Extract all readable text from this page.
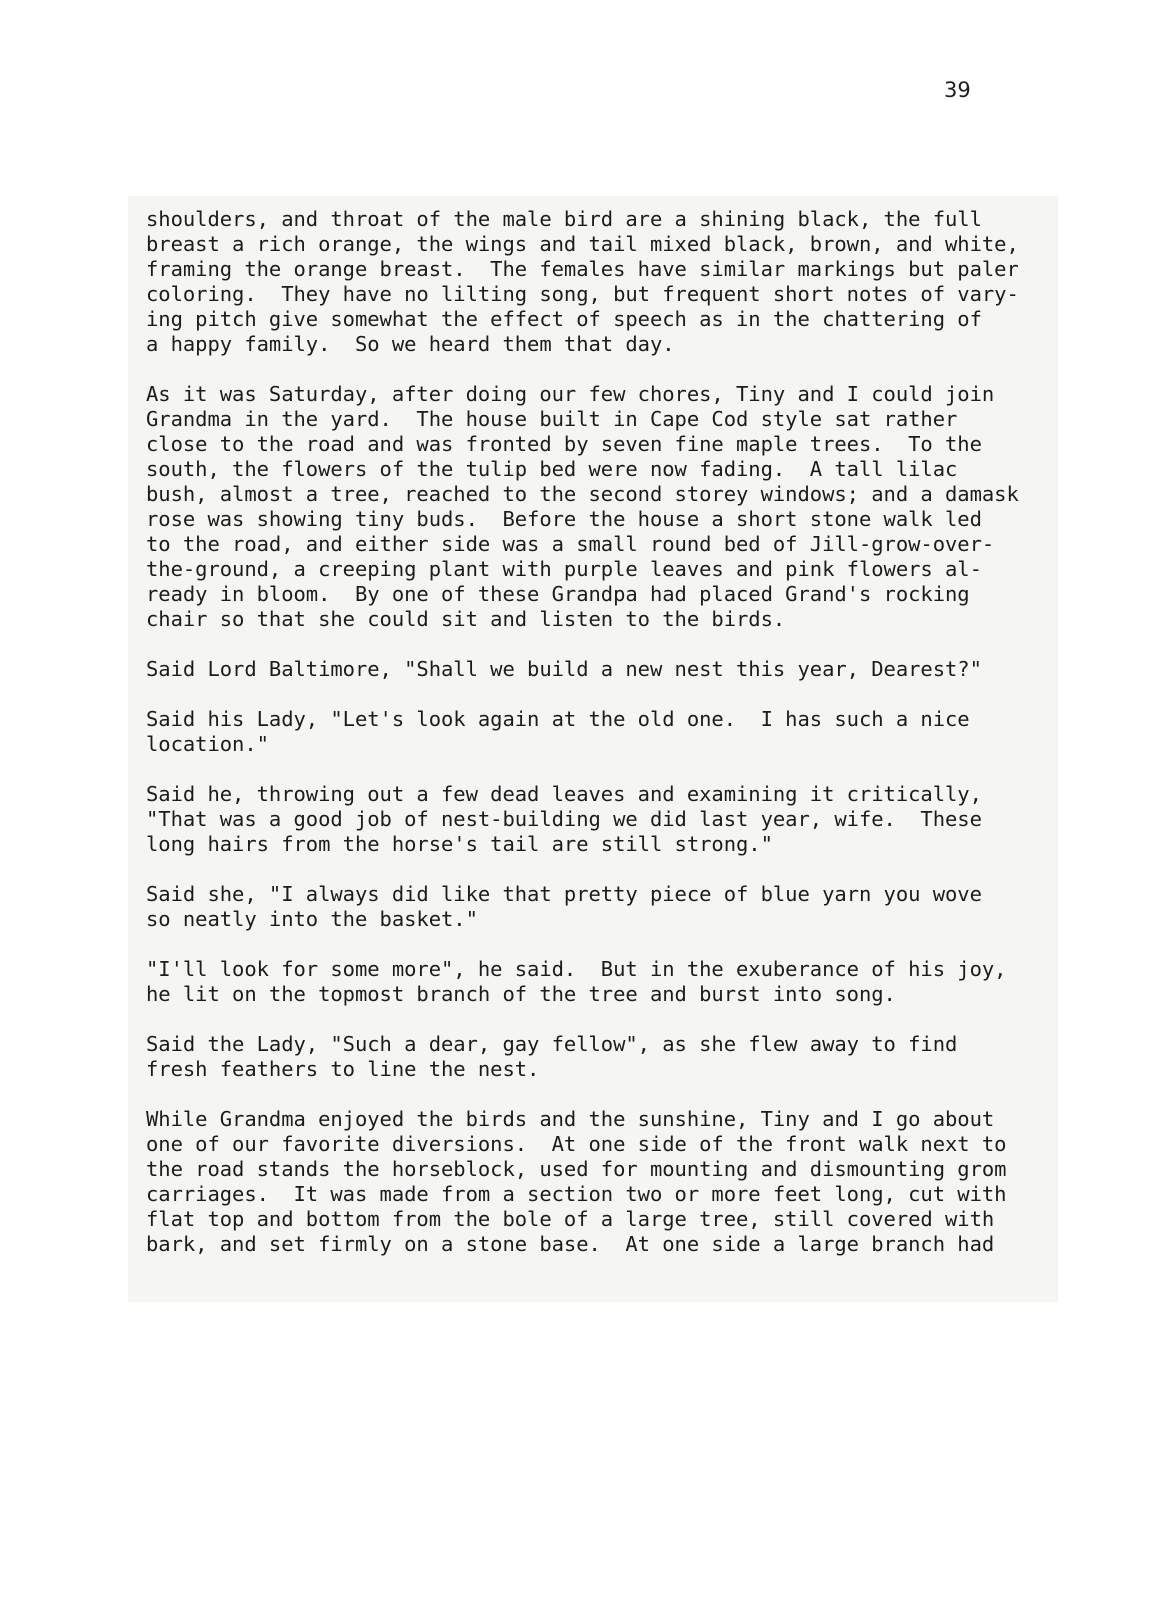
39
shoulders, and throat of the male bird are a shining black, the full
breast a rich orange, the wings and tail mixed black, brown, and white,
framing the orange breast.  The females have similar markings but paler
coloring.  They have no lilting song, but frequent short notes of vary-
ing pitch give somewhat the effect of speech as in the chattering of
a happy family.  So we heard them that day.
As it was Saturday, after doing our few chores, Tiny and I could join
Grandma in the yard.  The house built in Cape Cod style sat rather
close to the road and was fronted by seven fine maple trees.  To the
south, the flowers of the tulip bed were now fading.  A tall lilac
bush, almost a tree, reached to the second storey windows; and a damask
rose was showing tiny buds.  Before the house a short stone walk led
to the road, and either side was a small round bed of Jill-grow-over-
the-ground, a creeping plant with purple leaves and pink flowers al-
ready in bloom.  By one of these Grandpa had placed Grand's rocking
chair so that she could sit and listen to the birds.
Said Lord Baltimore, "Shall we build a new nest this year, Dearest?"
Said his Lady, "Let's look again at the old one.  I has such a nice
location."
Said he, throwing out a few dead leaves and examining it critically,
"That was a good job of nest-building we did last year, wife.  These
long hairs from the horse's tail are still strong."
Said she, "I always did like that pretty piece of blue yarn you wove
so neatly into the basket."
"I'll look for some more", he said.  But in the exuberance of his joy,
he lit on the topmost branch of the tree and burst into song.
Said the Lady, "Such a dear, gay fellow", as she flew away to find
fresh feathers to line the nest.
While Grandma enjoyed the birds and the sunshine, Tiny and I go about
one of our favorite diversions.  At one side of the front walk next to
the road stands the horseblock, used for mounting and dismounting grom
carriages.  It was made from a section two or more feet long, cut with
flat top and bottom from the bole of a large tree, still covered with
bark, and set firmly on a stone base.  At one side a large branch had
